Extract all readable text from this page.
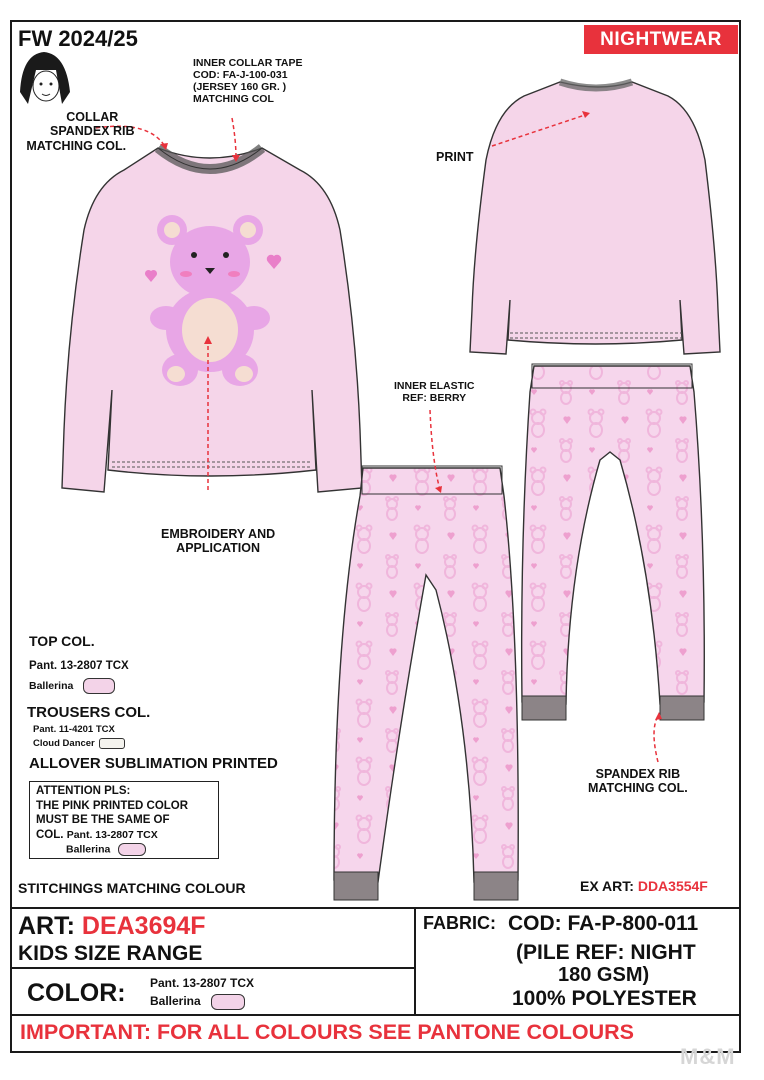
FW 2024/25	NIGHTWEAR
COLLAR
SPANDEX RIB
MATCHING COL.
INNER COLLAR TAPE
COD: FA-J-100-031
(JERSEY 160 GR. )
MATCHING COL
PRINT
EMBROIDERY AND
APPLICATION
INNER ELASTIC
REF: BERRY
SPANDEX RIB
MATCHING COL.
TOP COL.
Pant. 13-2807 TCX
Ballerina
TROUSERS COL.
Pant. 11-4201 TCX
Cloud Dancer
ALLOVER SUBLIMATION PRINTED
ATTENTION PLS:
THE PINK PRINTED COLOR
MUST BE THE SAME OF
COL. Pant. 13-2807 TCX
Ballerina
STITCHINGS MATCHING COLOUR	EX ART: DDA3554F
ART: DEA3694F
KIDS SIZE RANGE
COLOR: Pant. 13-2807 TCX
Ballerina
FABRIC: COD: FA-P-800-011
(PILE REF: NIGHT
180 GSM)
100% POLYESTER
IMPORTANT: FOR ALL COLOURS SEE PANTONE COLOURS
M&M
